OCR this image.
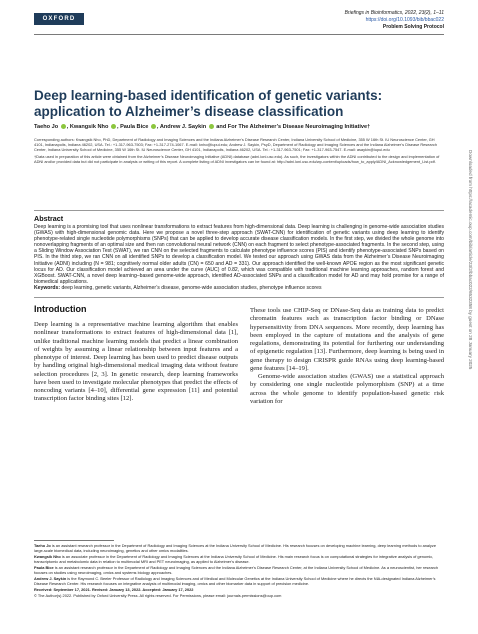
OXFORD
Briefings in Bioinformatics, 2022, 23(2), 1–11
https://doi.org/10.1093/bib/bbac022
Problem Solving Protocol
Deep learning-based identification of genetic variants: application to Alzheimer’s disease classification
Taeho Jo , Kwangsik Nho , Paula Bice , Andrew J. Saykin and For The Alzheimer’s Disease Neuroimaging Initiative†

Corresponding authors: Kwangsik Nho, PhD, Department of Radiology and Imaging Sciences and the Indiana Alzheimer’s Disease Research Center, Indiana University School of Medicine, 355 W 16th St. IU Neuroscience Center, GH 4101, Indianapolis, Indiana 46202, USA. Tel.: +1-317-963-7503; Fax: +1-317-274-1067. E-mail: knho@iupui.edu; Andrew J. Saykin, PsyD, Department of Radiology and Imaging Sciences and the Indiana Alzheimer’s Disease Research Center, Indiana University School of Medicine, 355 W 16th St. IU Neuroscience Center, GH 4101, Indianapolis, Indiana 46202, USA. Tel.: +1-317-963-7501; Fax: +1-317-963-7547. E-mail: asaykin@iupui.edu

†Data used in preparation of this article were obtained from the Alzheimer’s Disease Neuroimaging Initiative (ADNI) database (adni.loni.usc.edu). As such, the investigators within the ADNI contributed to the design and implementation of ADNI and/or provided data but did not participate in analysis or writing of this report. A complete listing of ADNI investigators can be found at: http://adni.loni.usc.edu/wp-content/uploads/how_to_apply/ADNI_Acknowledgement_List.pdf.

Abstract

Deep learning is a promising tool that uses nonlinear transformations to extract features from high-dimensional data. Deep learning is challenging in genome-wide association studies (GWAS) with high-dimensional genomic data. Here we propose a novel three-step approach (SWAT-CNN) for identification of genetic variants using deep learning to identify phenotype-related single nucleotide polymorphisms (SNPs) that can be applied to develop accurate disease classification models. In the first step, we divided the whole genome into nonoverlapping fragments of an optimal size and then ran convolutional neural network (CNN) on each fragment to select phenotype-associated fragments. In the second step, using a Sliding Window Association Test (SWAT), we ran CNN on the selected fragments to calculate phenotype influence scores (PIS) and identify phenotype-associated SNPs based on PIS. In the third step, we ran CNN on all identified SNPs to develop a classification model. We tested our approach using GWAS data from the Alzheimer’s Disease Neuroimaging Initiative (ADNI) including (N = 981; cognitively normal older adults (CN) = 650 and AD = 331). Our approach identified the well-known APOE region as the most significant genetic locus for AD. Our classification model achieved an area under the curve (AUC) of 0.82, which was compatible with traditional machine learning approaches, random forest and XGBoost. SWAT-CNN, a novel deep learning–based genome-wide approach, identified AD-associated SNPs and a classification model for AD and may hold promise for a range of biomedical applications.

Keywords: deep learning, genetic variants, Alzheimer’s disease, genome-wide association studies, phenotype influence scores

Introduction

Deep learning is a representative machine learning algorithm that enables nonlinear transformations to extract features of high-dimensional data [1], unlike traditional machine learning models that predict a linear combination of weights by assuming a linear relationship between input features and a phenotype of interest. Deep learning has been used to predict disease outputs by handling original high-dimensional medical imaging data without feature selection procedures [2, 3]. In genetic research, deep learning frameworks have been used to investigate molecular phenotypes that predict the effects of noncoding variants [4–10], differential gene expression [11] and potential transcription factor binding sites [12].

These tools use CHIP-Seq or DNase-Seq data as training data to predict chromatin features such as transcription factor binding or DNase hypersensitivity from DNA sequences. More recently, deep learning has been employed in the capture of mutations and the analysis of gene regulations, demonstrating its potential for furthering our understanding of epigenetic regulation [13]. Furthermore, deep learning is being used in gene therapy to design CRISPR guide RNAs using deep learning-based gene features [14–19].

Genome-wide association studies (GWAS) use a statistical approach by considering one single nucleotide polymorphism (SNP) at a time across the whole genome to identify population-based genetic risk variation for

Taeho Jo is an assistant research professor in the Department of Radiology and Imaging Sciences at the Indiana University School of Medicine. His research focuses on developing machine learning, deep learning methods to analyze large-scale biomedical data, including neuroimaging, genetics and other omics modalities.

Kwangsik Nho is an associate professor in the Department of Radiology and Imaging Sciences at the Indiana University School of Medicine. His main research focus is on computational strategies for integrative analysis of genomic, transcriptomic and metabolomic data in relation to multimodal MRI and PET neuroimaging, as applied to Alzheimer’s disease.

Paula Bice is an assistant research professor in the Department of Radiology and Imaging Sciences and the Indiana Alzheimer’s Disease Research Center, at the Indiana University School of Medicine. As a neuroscientist, her research focuses on studies using neuroimaging, omics and systems biology approaches.

Andrew J. Saykin is the Raymond C. Beeler Professor of Radiology and Imaging Sciences and of Medical and Molecular Genetics at the Indiana University School of Medicine where he directs the NIA-designated Indiana Alzheimer’s Disease Research Center. His research focuses on integrative analysis of multimodal imaging, omics and other biomarker data in support of precision medicine.

Received: September 17, 2021. Revised: January 13, 2022. Accepted: January 17, 2022

© The Author(s) 2022. Published by Oxford University Press. All rights reserved. For Permissions, please email: journals.permissions@oup.com

Downloaded from https://academic.oup.com/bib/article/23/2/bbac022/6532358 by guest on 28 January 2025
